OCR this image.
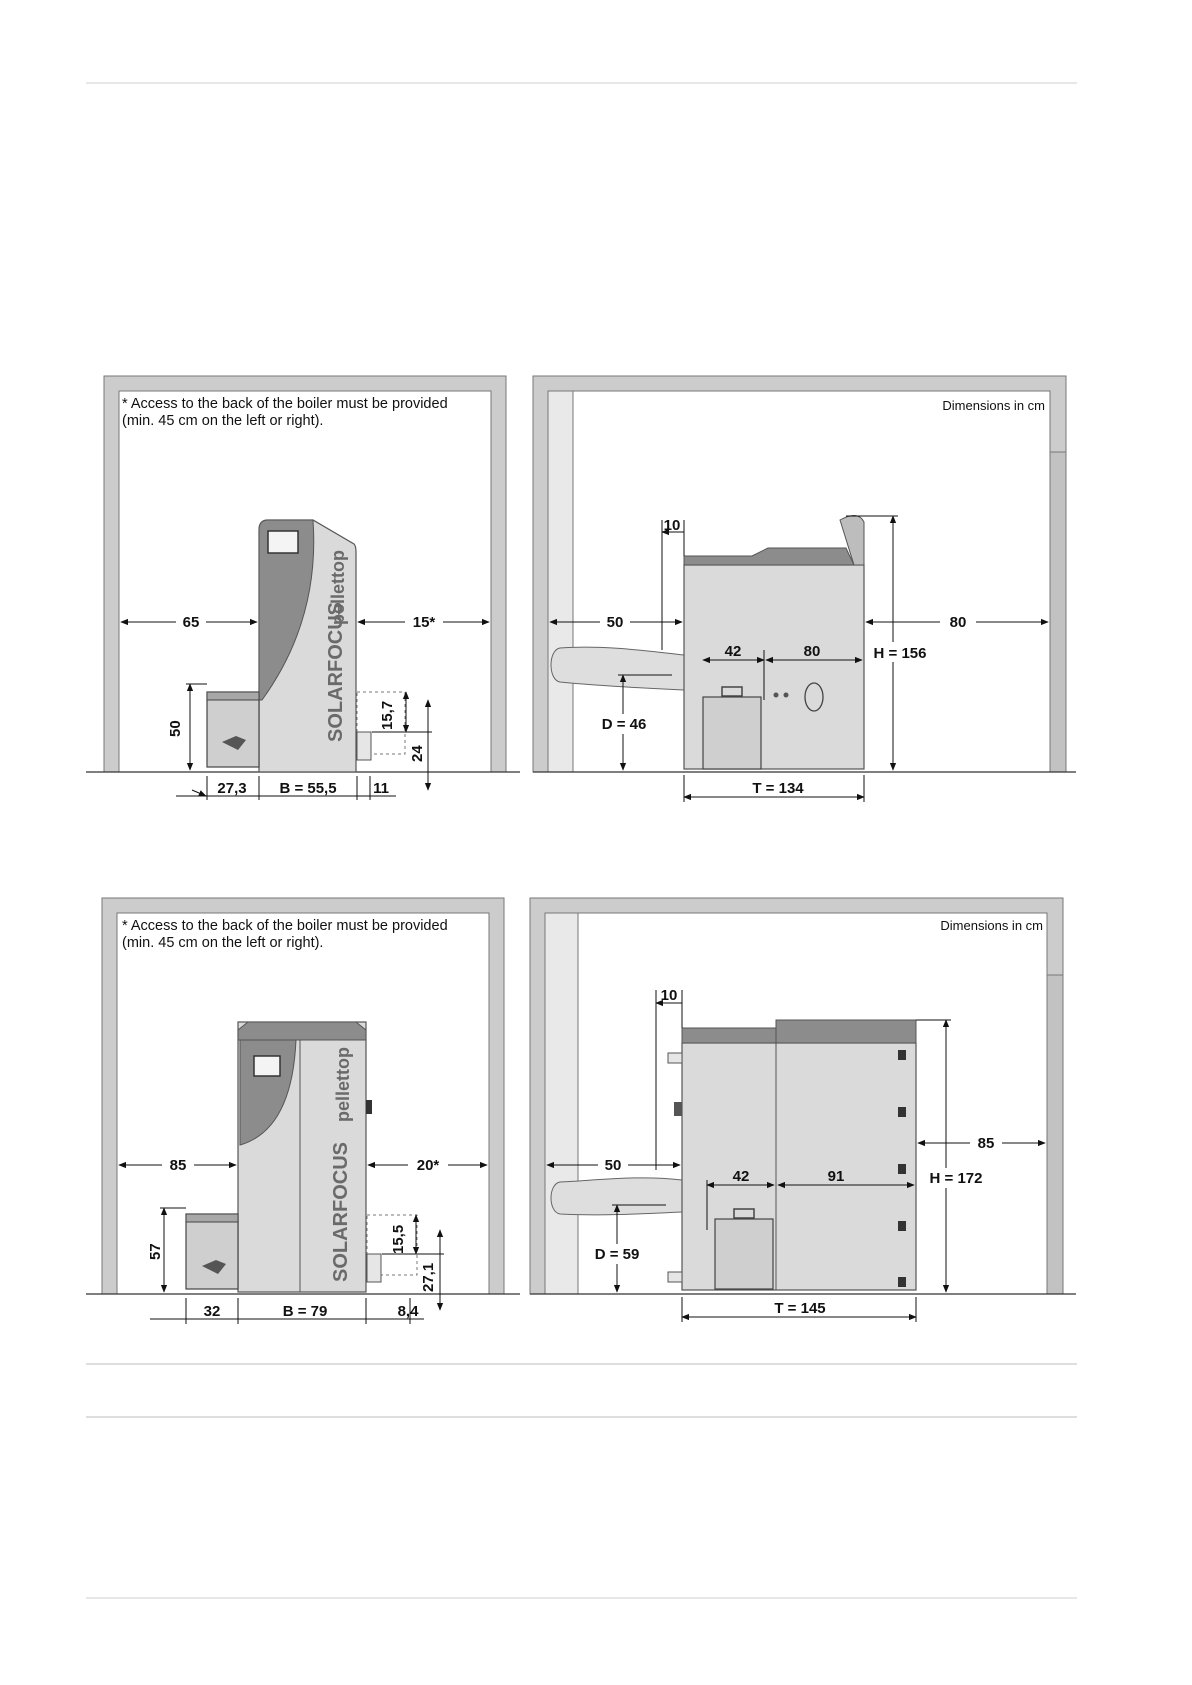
* Access to the back of the boiler must be provided
(min. 45 cm on the left or right).
SOLARFOCUS
pellettop
65	15*
50
27,3 B = 55,5 11
15,7
24
Dimensions in cm
10
50	80
42	80	H = 156
D = 46
T = 134
* Access to the back of the boiler must be provided
(min. 45 cm on the left or right).
SOLARFOCUS
pellettop
85	20*
57
32	B = 79	8,4
15,5
27,1
Dimensions in cm
10
50
85
42	91	H = 172
D = 59
T = 145
